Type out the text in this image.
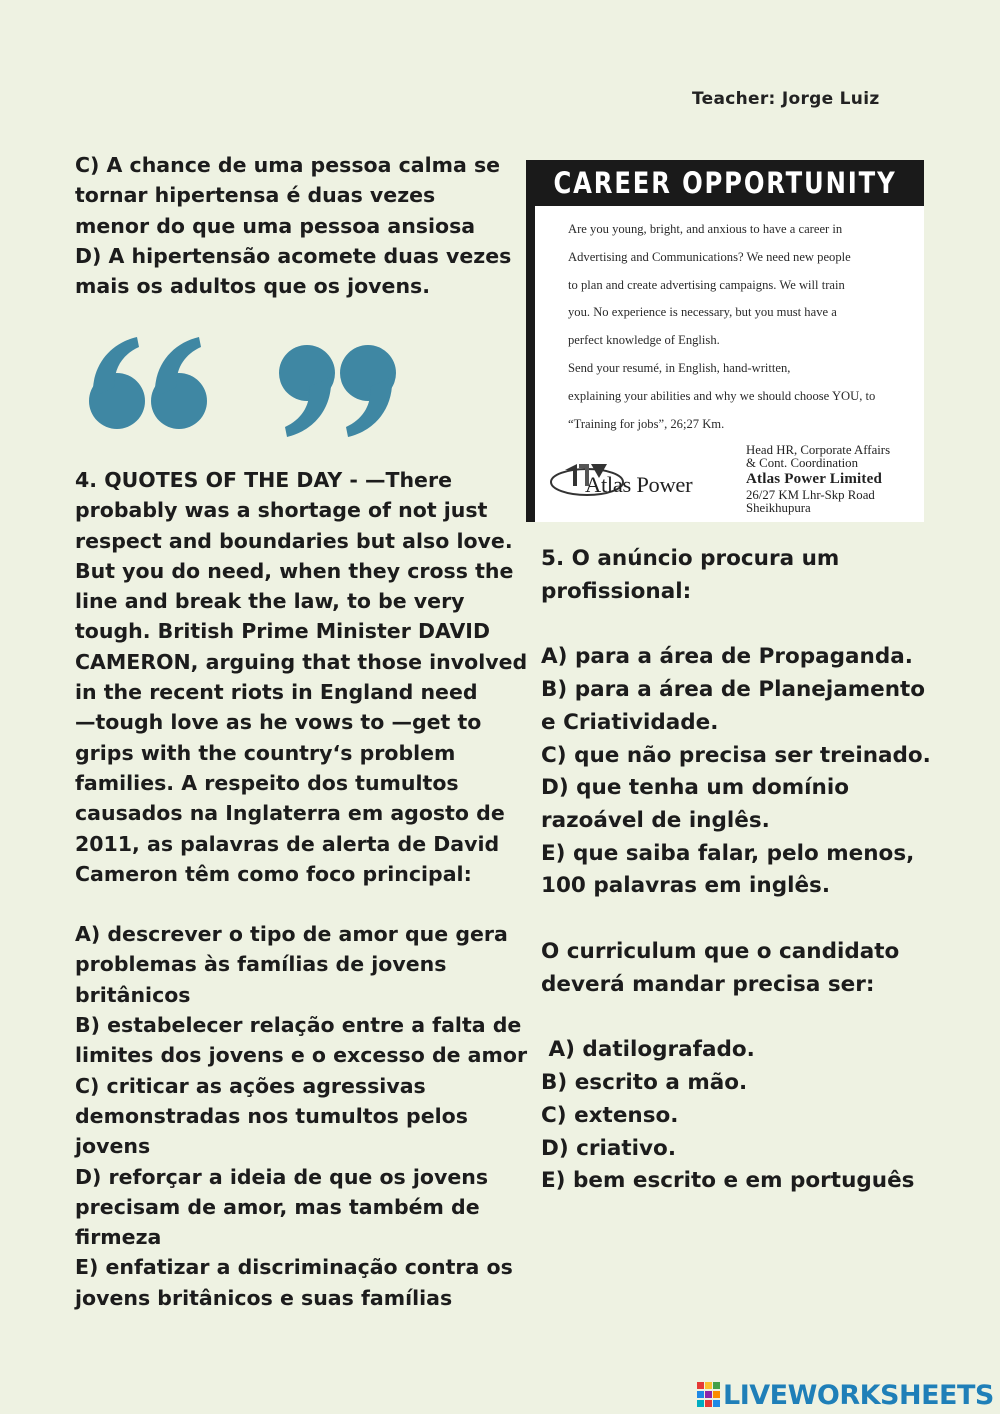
Teacher: Jorge Luiz
C) A chance de uma pessoa calma se
tornar hipertensa é duas vezes
menor do que uma pessoa ansiosa
D) A hipertensão acomete duas vezes
mais os adultos que os jovens.
4. QUOTES OF THE DAY - —There
probably was a shortage of not just
respect and boundaries but also love.
But you do need, when they cross the
line and break the law, to be very
tough. British Prime Minister DAVID
CAMERON, arguing that those involved
in the recent riots in England need
—tough love as he vows to —get to
grips with the country‘s problem
families. A respeito dos tumultos
causados na Inglaterra em agosto de
2011, as palavras de alerta de David
Cameron têm como foco principal:
A) descrever o tipo de amor que gera
problemas às famílias de jovens
britânicos
B) estabelecer relação entre a falta de
limites dos jovens e o excesso de amor
C) criticar as ações agressivas
demonstradas nos tumultos pelos
jovens
D) reforçar a ideia de que os jovens
precisam de amor, mas também de
firmeza
E) enfatizar a discriminação contra os
jovens britânicos e suas famílias
CAREER OPPORTUNITY
Are you young, bright, and anxious to have a career in
Advertising and Communications? We need new people
to plan and create advertising campaigns. We will train
you. No experience is necessary, but you must have a
perfect knowledge of English.
Send your resumé, in English, hand-written,
explaining your abilities and why we should choose YOU, to
“Training for jobs”, 26;27 Km.
Atlas Power
Head HR, Corporate Affairs
& Cont. Coordination
Atlas Power Limited
26/27 KM Lhr-Skp Road
Sheikhupura
5. O anúncio procura um
profissional:
A) para a área de Propaganda.
B) para a área de Planejamento
e Criatividade.
C) que não precisa ser treinado.
D) que tenha um domínio
razoável de inglês.
E) que saiba falar, pelo menos,
100 palavras em inglês.
O curriculum que o candidato
deverá mandar precisa ser:
A) datilografado.
B) escrito a mão.
C) extenso.
D) criativo.
E) bem escrito e em português
LIVEWORKSHEETS
